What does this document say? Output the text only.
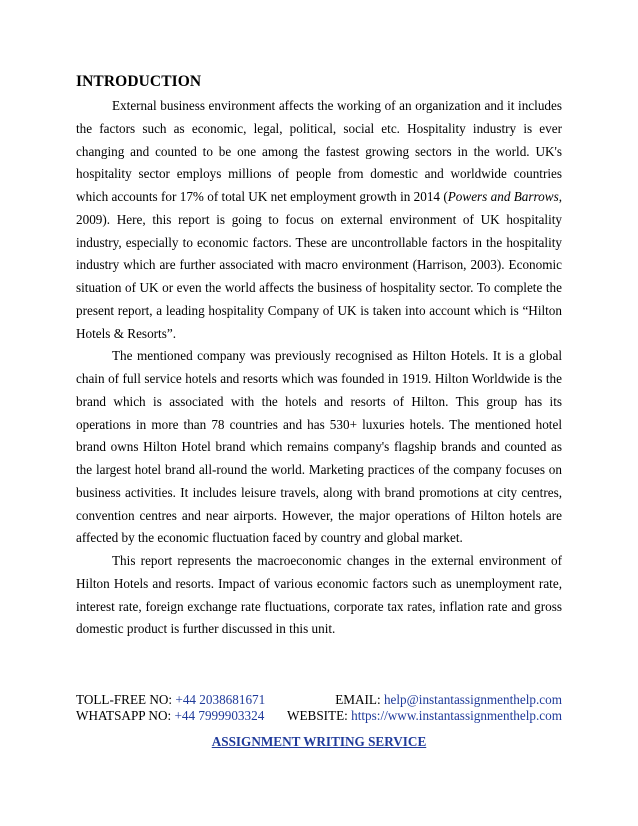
INTRODUCTION

External business environment affects the working of an organization and it includes the factors such as economic, legal, political, social etc. Hospitality industry is ever changing and counted to be one among the fastest growing sectors in the world. UK's hospitality sector employs millions of people from domestic and worldwide countries which accounts for 17% of total UK net employment growth in 2014 (Powers and Barrows, 2009). Here, this report is going to focus on external environment of UK hospitality industry, especially to economic factors. These are uncontrollable factors in the hospitality industry which are further associated with macro environment (Harrison, 2003). Economic situation of UK or even the world affects the business of hospitality sector. To complete the present report, a leading hospitality Company of UK is taken into account which is “Hilton Hotels & Resorts”.

The mentioned company was previously recognised as Hilton Hotels. It is a global chain of full service hotels and resorts which was founded in 1919. Hilton Worldwide is the brand which is associated with the hotels and resorts of Hilton. This group has its operations in more than 78 countries and has 530+ luxuries hotels. The mentioned hotel brand owns Hilton Hotel brand which remains company's flagship brands and counted as the largest hotel brand all-round the world. Marketing practices of the company focuses on business activities. It includes leisure travels, along with brand promotions at city centres, convention centres and near airports. However, the major operations of Hilton hotels are affected by the economic fluctuation faced by country and global market.

This report represents the macroeconomic changes in the external environment of Hilton Hotels and resorts. Impact of various economic factors such as unemployment rate, interest rate, foreign exchange rate fluctuations, corporate tax rates, inflation rate and gross domestic product is further discussed in this unit.

TOLL-FREE NO: +44 2038681671	EMAIL: help@instantassignmenthelp.com
WHATSAPP NO: +44 7999903324	WEBSITE: https://www.instantassignmenthelp.com
ASSIGNMENT WRITING SERVICE
